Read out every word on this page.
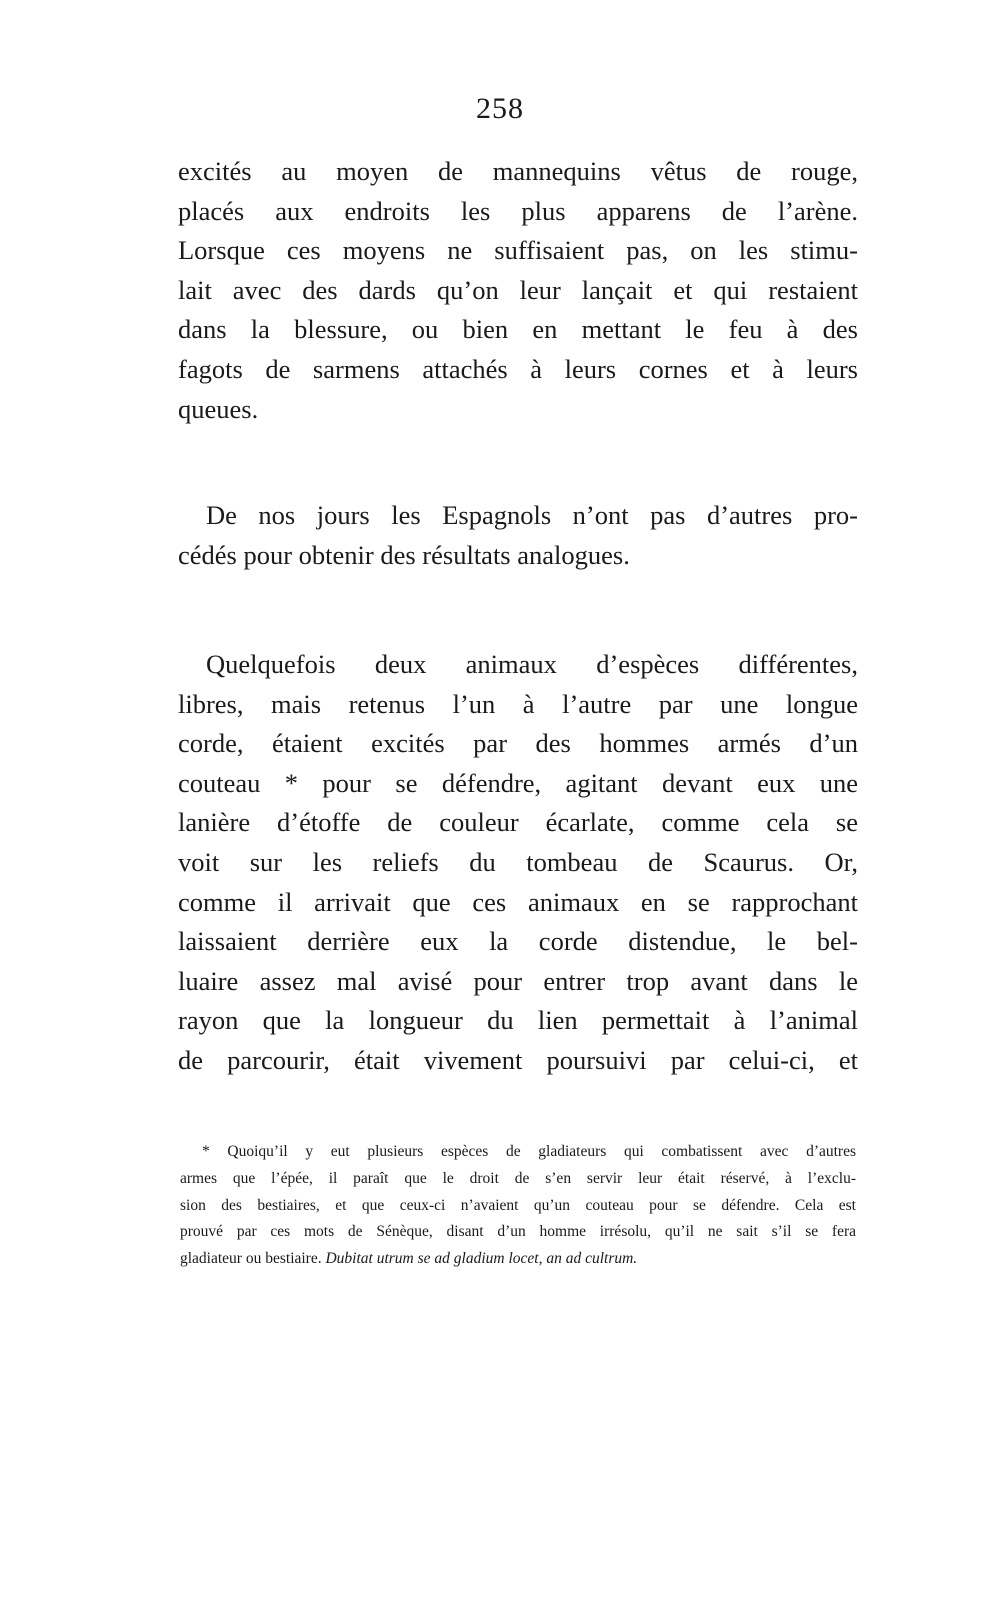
258
excités au moyen de mannequins vêtus de rouge,
placés aux endroits les plus apparens de l’arène.
Lorsque ces moyens ne suffisaient pas, on les stimu-
lait avec des dards qu’on leur lançait et qui restaient
dans la blessure, ou bien en mettant le feu à des
fagots de sarmens attachés à leurs cornes et à leurs
queues.
De nos jours les Espagnols n’ont pas d’autres pro-
cédés pour obtenir des résultats analogues.
Quelquefois deux animaux d’espèces différentes,
libres, mais retenus l’un à l’autre par une longue
corde, étaient excités par des hommes armés d’un
couteau * pour se défendre, agitant devant eux une
lanière d’étoffe de couleur écarlate, comme cela se
voit sur les reliefs du tombeau de Scaurus. Or,
comme il arrivait que ces animaux en se rapprochant
laissaient derrière eux la corde distendue, le bel-
luaire assez mal avisé pour entrer trop avant dans le
rayon que la longueur du lien permettait à l’animal
de parcourir, était vivement poursuivi par celui-ci, et
* Quoiqu’il y eut plusieurs espèces de gladiateurs qui combatissent avec d’autres
armes que l’épée, il paraît que le droit de s’en servir leur était réservé, à l’exclu-
sion des bestiaires, et que ceux-ci n’avaient qu’un couteau pour se défendre. Cela est
prouvé par ces mots de Sénèque, disant d’un homme irrésolu, qu’il ne sait s’il se fera
gladiateur ou bestiaire. Dubitat utrum se ad gladium locet, an ad cultrum.
